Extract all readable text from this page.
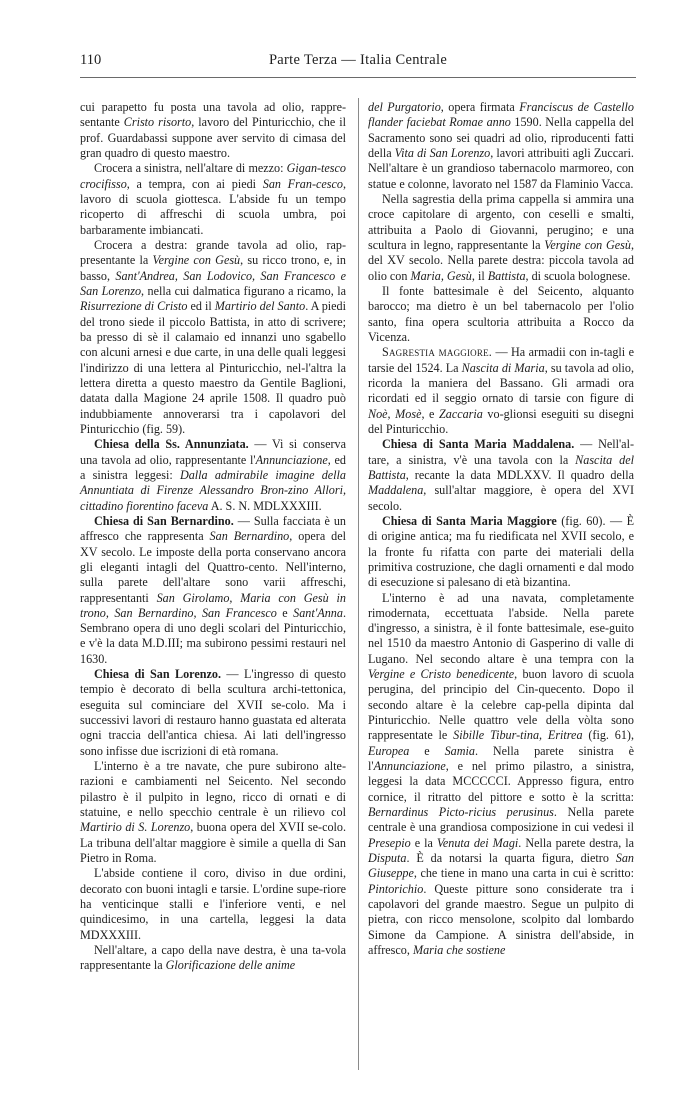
110	Parte Terza — Italia Centrale

cui parapetto fu posta una tavola ad olio, rappre-sentante Cristo risorto, lavoro del Pinturicchio, che il prof. Guardabassi suppone aver servito di cimasa del gran quadro di questo maestro.

Crocera a sinistra, nell'altare di mezzo: Gigan-tesco crocifisso, a tempra, con ai piedi San Fran-cesco, lavoro di scuola giottesca. L'abside fu un tempo ricoperto di affreschi di scuola umbra, poi barbaramente imbiancati.

Crocera a destra: grande tavola ad olio, rap-presentante la Vergine con Gesù, su ricco trono, e, in basso, Sant'Andrea, San Lodovico, San Francesco e San Lorenzo, nella cui dalmatica figurano a ricamo, la Risurrezione di Cristo ed il Martirio del Santo. A piedi del trono siede il piccolo Battista, in atto di scrivere; ba presso di sè il calamaio ed innanzi uno sgabello con alcuni arnesi e due carte, in una delle quali leggesi l'indirizzo di una lettera al Pinturicchio, nel-l'altra la lettera diretta a questo maestro da Gentile Baglioni, datata dalla Magione 24 aprile 1508. Il quadro può indubbiamente annoverarsi tra i capolavori del Pinturicchio (fig. 59).

Chiesa della Ss. Annunziata. — Vi si conserva una tavola ad olio, rappresentante l'Annunciazione, ed a sinistra leggesi: Dalla admirabile imagine della Annuntiata di Firenze Alessandro Bron-zino Allori, cittadino fiorentino faceva A. S. N. MDLXXXIII.

Chiesa di San Bernardino. — Sulla facciata è un affresco che rappresenta San Bernardino, opera del XV secolo. Le imposte della porta conservano ancora gli eleganti intagli del Quattro-cento. Nell'interno, sulla parete dell'altare sono varii affreschi, rappresentanti San Girolamo, Maria con Gesù in trono, San Bernardino, San Francesco e Sant'Anna. Sembrano opera di uno degli scolari del Pinturicchio, e v'è la data M.D.III; ma subirono pessimi restauri nel 1630.

Chiesa di San Lorenzo. — L'ingresso di questo tempio è decorato di bella scultura archi-tettonica, eseguita sul cominciare del XVII se-colo. Ma i successivi lavori di restauro hanno guastata ed alterata ogni traccia dell'antica chiesa. Ai lati dell'ingresso sono infisse due iscrizioni di età romana.

L'interno è a tre navate, che pure subirono alte-razioni e cambiamenti nel Seicento. Nel secondo pilastro è il pulpito in legno, ricco di ornati e di statuine, e nello specchio centrale è un rilievo col Martirio di S. Lorenzo, buona opera del XVII se-colo. La tribuna dell'altar maggiore è simile a quella di San Pietro in Roma.

L'abside contiene il coro, diviso in due ordini, decorato con buoni intagli e tarsie. L'ordine supe-riore ha venticinque stalli e l'inferiore venti, e nel quindicesimo, in una cartella, leggesi la data MDXXXIII.

Nell'altare, a capo della nave destra, è una ta-vola rappresentante la Glorificazione delle anime

del Purgatorio, opera firmata Franciscus de Castello flander faciebat Romae anno 1590. Nella cappella del Sacramento sono sei quadri ad olio, riproducenti fatti della Vita di San Lorenzo, lavori attribuiti agli Zuccari. Nell'altare è un grandioso tabernacolo marmoreo, con statue e colonne, lavorato nel 1587 da Flaminio Vacca.

Nella sagrestia della prima cappella si ammira una croce capitolare di argento, con ceselli e smalti, attribuita a Paolo di Giovanni, perugino; e una scultura in legno, rappresentante la Vergine con Gesù, del XV secolo. Nella parete destra: piccola tavola ad olio con Maria, Gesù, il Battista, di scuola bolognese.

Il fonte battesimale è del Seicento, alquanto barocco; ma dietro è un bel tabernacolo per l'olio santo, fina opera scultoria attribuita a Rocco da Vicenza.

Sagrestia maggiore. — Ha armadii con in-tagli e tarsie del 1524. La Nascita di Maria, su tavola ad olio, ricorda la maniera del Bassano. Gli armadi ora ricordati ed il seggio ornato di tarsie con figure di Noè, Mosè, e Zaccaria vo-glionsi eseguiti su disegni del Pinturicchio.

Chiesa di Santa Maria Maddalena. — Nell'al-tare, a sinistra, v'è una tavola con la Nascita del Battista, recante la data MDLXXV. Il quadro della Maddalena, sull'altar maggiore, è opera del XVI secolo.

Chiesa di Santa Maria Maggiore (fig. 60). — È di origine antica; ma fu riedificata nel XVII secolo, e la fronte fu rifatta con parte dei materiali della primitiva costruzione, che dagli ornamenti e dal modo di esecuzione si palesano di età bizantina.

L'interno è ad una navata, completamente rimodernata, eccettuata l'abside. Nella parete d'ingresso, a sinistra, è il fonte battesimale, ese-guito nel 1510 da maestro Antonio di Gasperino di valle di Lugano. Nel secondo altare è una tempra con la Vergine e Cristo benedicente, buon lavoro di scuola perugina, del principio del Cin-quecento. Dopo il secondo altare è la celebre cap-pella dipinta dal Pinturicchio. Nelle quattro vele della vòlta sono rappresentate le Sibille Tibur-tina, Eritrea (fig. 61), Europea e Samia. Nella parete sinistra è l'Annunciazione, e nel primo pilastro, a sinistra, leggesi la data MCCCCCI. Appresso figura, entro cornice, il ritratto del pittore e sotto è la scritta: Bernardinus Picto-ricius perusinus. Nella parete centrale è una grandiosa composizione in cui vedesi il Presepio e la Venuta dei Magi. Nella parete destra, la Disputa. È da notarsi la quarta figura, dietro San Giuseppe, che tiene in mano una carta in cui è scritto: Pintorichio. Queste pitture sono considerate tra i capolavori del grande maestro. Segue un pulpito di pietra, con ricco mensolone, scolpito dal lombardo Simone da Campione. A sinistra dell'abside, in affresco, Maria che sostiene
